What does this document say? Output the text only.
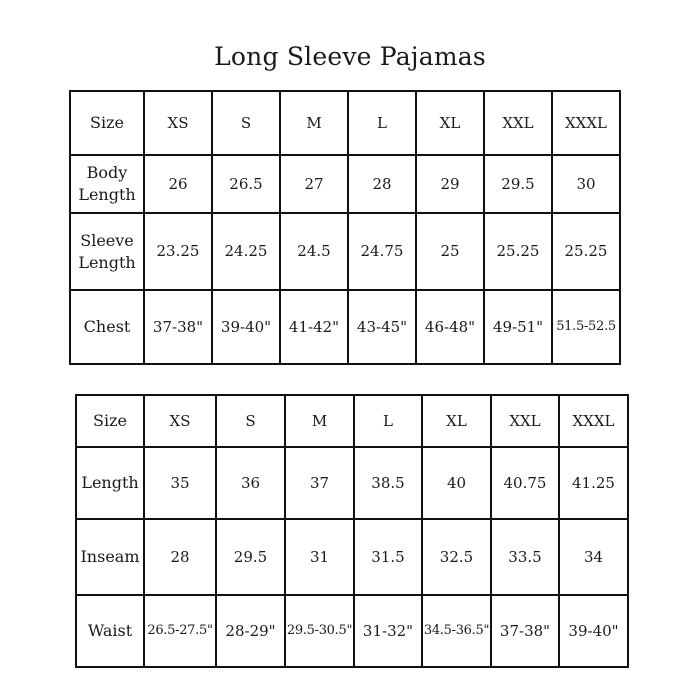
Long Sleeve Pajamas
Size	XS	S	M	L	XL	XXL	XXXL
Body
Length	26	26.5	27	28	29	29.5	30
Sleeve
Length	23.25	24.25	24.5	24.75	25	25.25	25.25
Chest	37-38"	39-40"	41-42"	43-45"	46-48"	49-51"	51.5-52.5
Size	XS	S	M	L	XL	XXL	XXXL
Length	35	36	37	38.5	40	40.75	41.25
Inseam	28	29.5	31	31.5	32.5	33.5	34
Waist	26.5-27.5"	28-29"	29.5-30.5"	31-32"	34.5-36.5"	37-38"	39-40"
